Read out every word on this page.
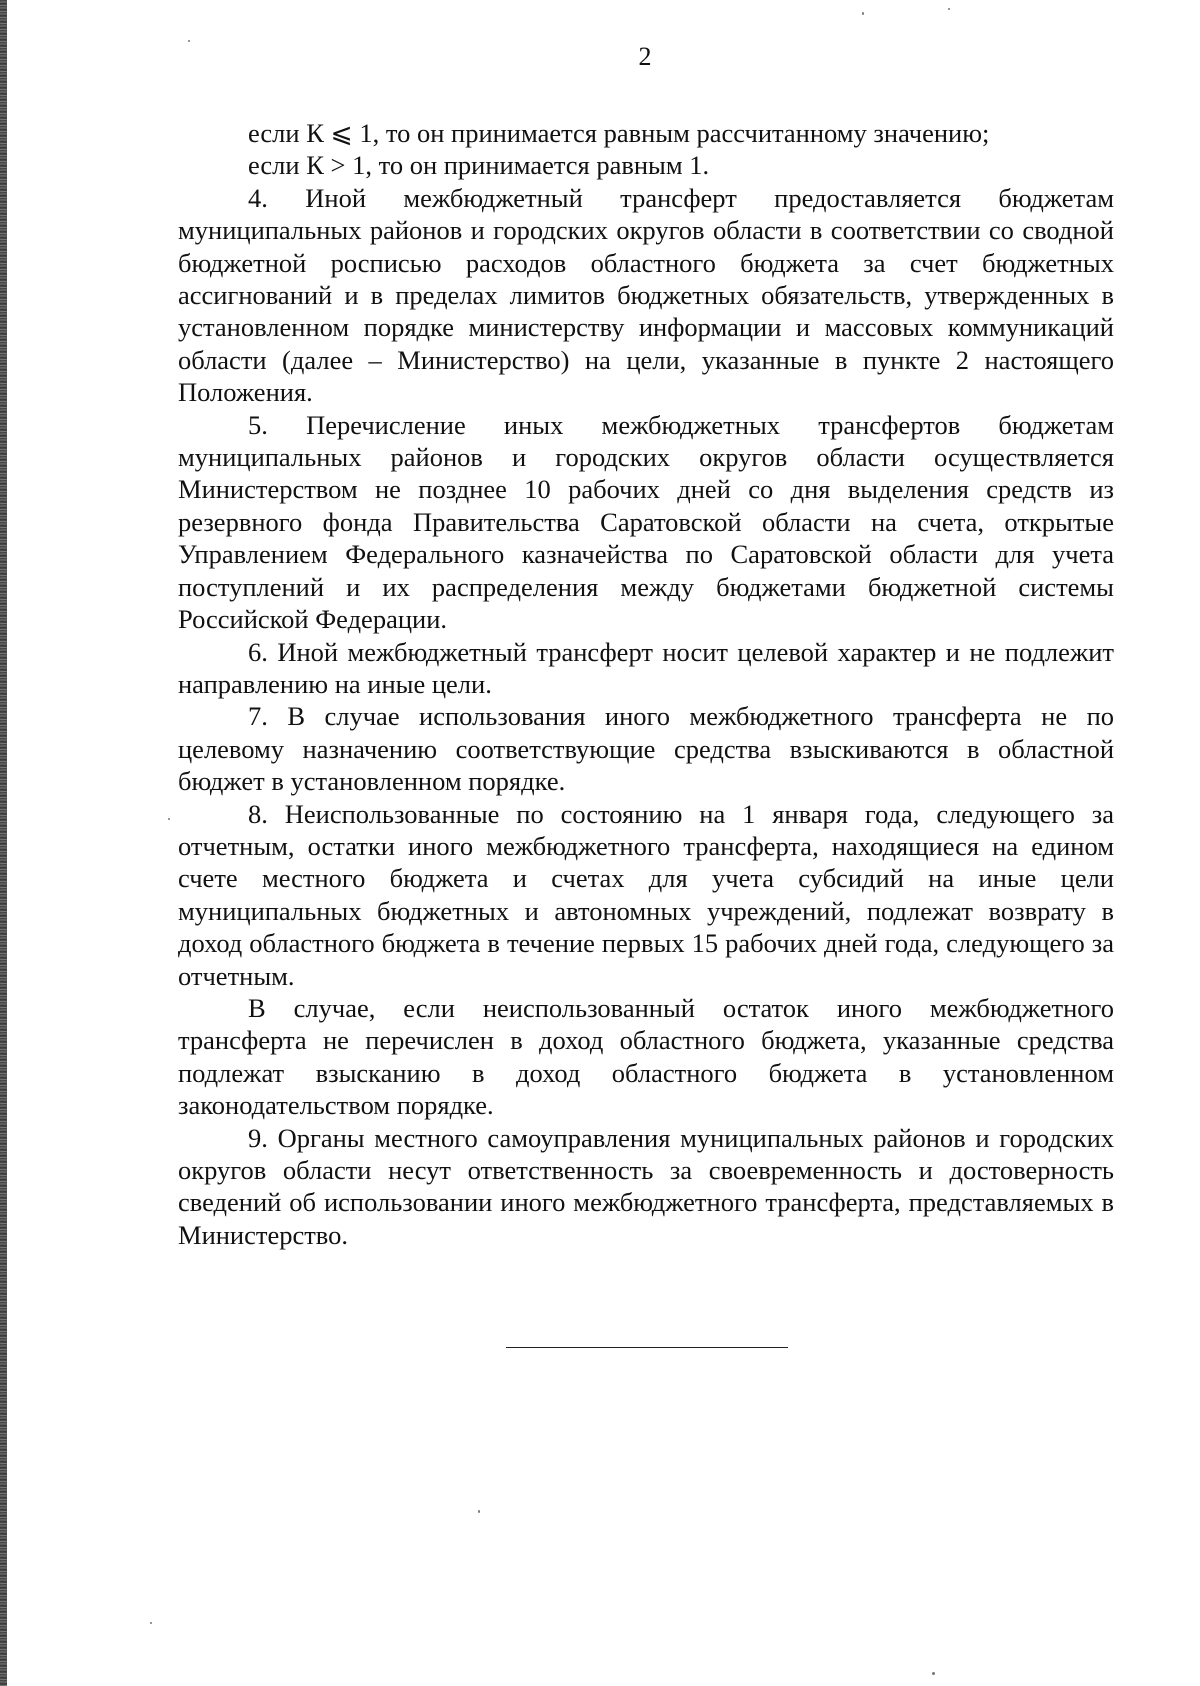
2

если К ⩽ 1, то он принимается равным рассчитанному значению;

если К > 1, то он принимается равным 1.

4. Иной межбюджетный трансферт предоставляется бюджетам муниципальных районов и городских округов области в соответствии со сводной бюджетной росписью расходов областного бюджета за счет бюджетных ассигнований и в пределах лимитов бюджетных обязательств, утвержденных в установленном порядке министерству информации и массовых коммуникаций области (далее – Министерство) на цели, указанные в пункте 2 настоящего Положения.

5. Перечисление иных межбюджетных трансфертов бюджетам муниципальных районов и городских округов области осуществляется Министерством не позднее 10 рабочих дней со дня выделения средств из резервного фонда Правительства Саратовской области на счета, открытые Управлением Федерального казначейства по Саратовской области для учета поступлений и их распределения между бюджетами бюджетной системы Российской Федерации.

6. Иной межбюджетный трансферт носит целевой характер и не подлежит направлению на иные цели.

7. В случае использования иного межбюджетного трансферта не по целевому назначению соответствующие средства взыскиваются в областной бюджет в установленном порядке.

8. Неиспользованные по состоянию на 1 января года, следующего за отчетным, остатки иного межбюджетного трансферта, находящиеся на едином счете местного бюджета и счетах для учета субсидий на иные цели муниципальных бюджетных и автономных учреждений, подлежат возврату в доход областного бюджета в течение первых 15 рабочих дней года, следующего за отчетным.

В случае, если неиспользованный остаток иного межбюджетного трансферта не перечислен в доход областного бюджета, указанные средства подлежат взысканию в доход областного бюджета в установленном законодательством порядке.

9. Органы местного самоуправления муниципальных районов и городских округов области несут ответственность за своевременность и достоверность сведений об использовании иного межбюджетного трансферта, представляемых в Министерство.
